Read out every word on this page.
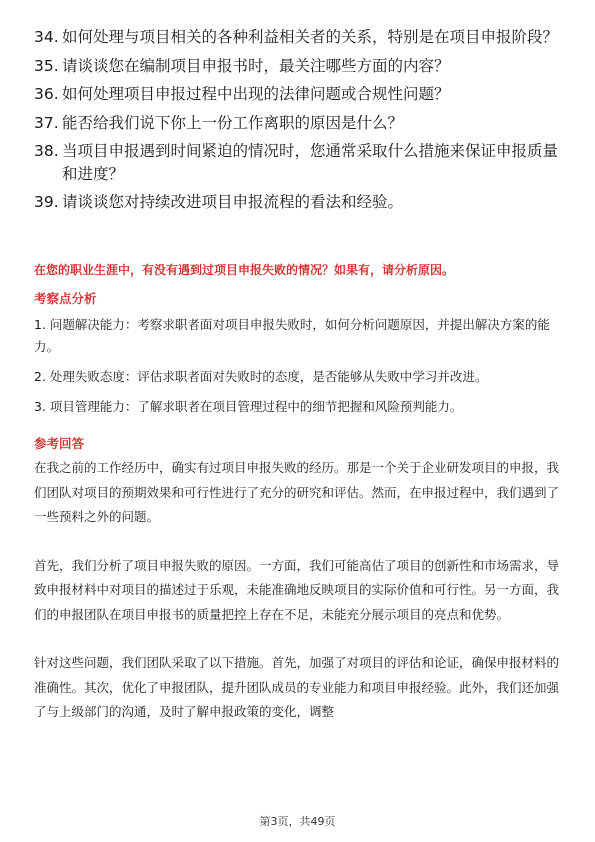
34. 如何处理与项目相关的各种利益相关者的关系，特别是在项目申报阶段？
35. 请谈谈您在编制项目申报书时，最关注哪些方面的内容？
36. 如何处理项目申报过程中出现的法律问题或合规性问题？
37. 能否给我们说下你上一份工作离职的原因是什么？
38. 当项目申报遇到时间紧迫的情况时，您通常采取什么措施来保证申报质量和进度？
39. 请谈谈您对持续改进项目申报流程的看法和经验。
在您的职业生涯中，有没有遇到过项目申报失败的情况？如果有，请分析原因。
考察点分析
1. 问题解决能力：考察求职者面对项目申报失败时，如何分析问题原因，并提出解决方案的能力。
2. 处理失败态度：评估求职者面对失败时的态度，是否能够从失败中学习并改进。
3. 项目管理能力：了解求职者在项目管理过程中的细节把握和风险预判能力。
参考回答
在我之前的工作经历中，确实有过项目申报失败的经历。那是一个关于企业研发项目的申报，我们团队对项目的预期效果和可行性进行了充分的研究和评估。然而，在申报过程中，我们遇到了一些预料之外的问题。
首先，我们分析了项目申报失败的原因。一方面，我们可能高估了项目的创新性和市场需求，导致申报材料中对项目的描述过于乐观，未能准确地反映项目的实际价值和可行性。另一方面，我们的申报团队在项目申报书的质量把控上存在不足，未能充分展示项目的亮点和优势。
针对这些问题，我们团队采取了以下措施。首先，加强了对项目的评估和论证，确保申报材料的准确性。其次，优化了申报团队，提升团队成员的专业能力和项目申报经验。此外，我们还加强了与上级部门的沟通，及时了解申报政策的变化，调整
第3页，共49页
